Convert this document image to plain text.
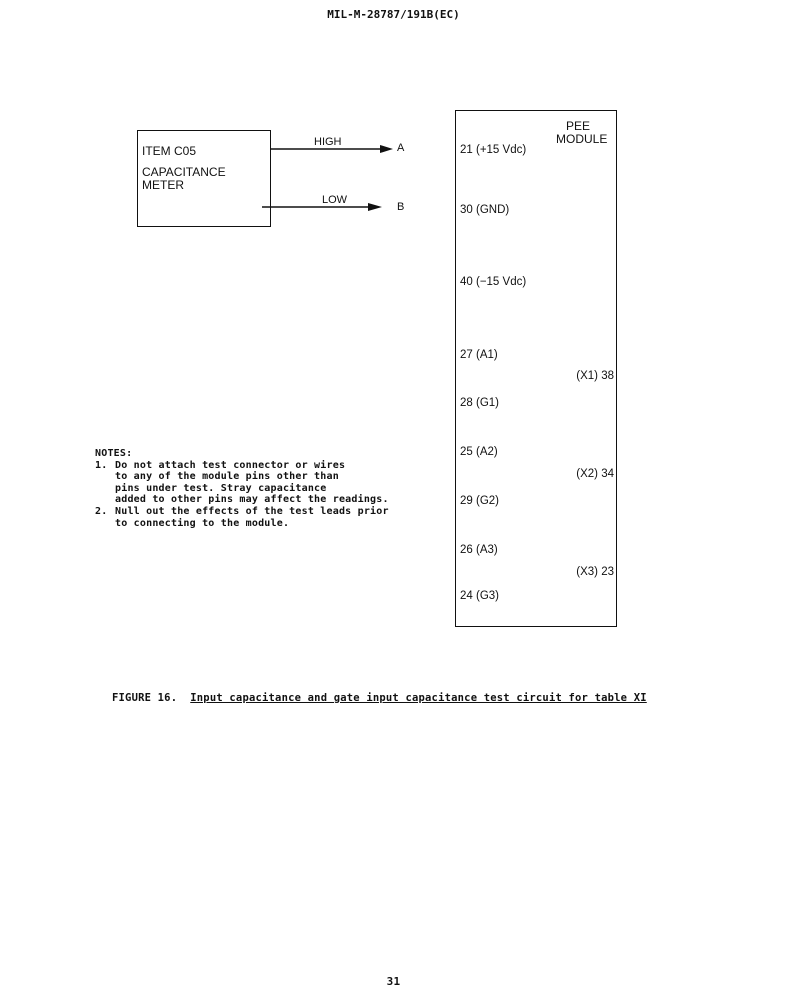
MIL-M-28787/191B(EC)
ITEM C05
CAPACITANCE
METER
HIGH	A
LOW
B
PEE
MODULE
21 (+15 Vdc)
30 (GND)
40 (−15 Vdc)
27 (A1)
28 (G1)
25 (A2)
29 (G2)
26 (A3)
24 (G3)
(X1) 38
(X2) 34
(X3) 23
NOTES:
1. Do not attach test connector or wires
to any of the module pins other than
pins under test. Stray capacitance
added to other pins may affect the readings.
2. Null out the effects of the test leads prior
to connecting to the module.
FIGURE 16. Input capacitance and gate input capacitance test circuit for table XI
31
